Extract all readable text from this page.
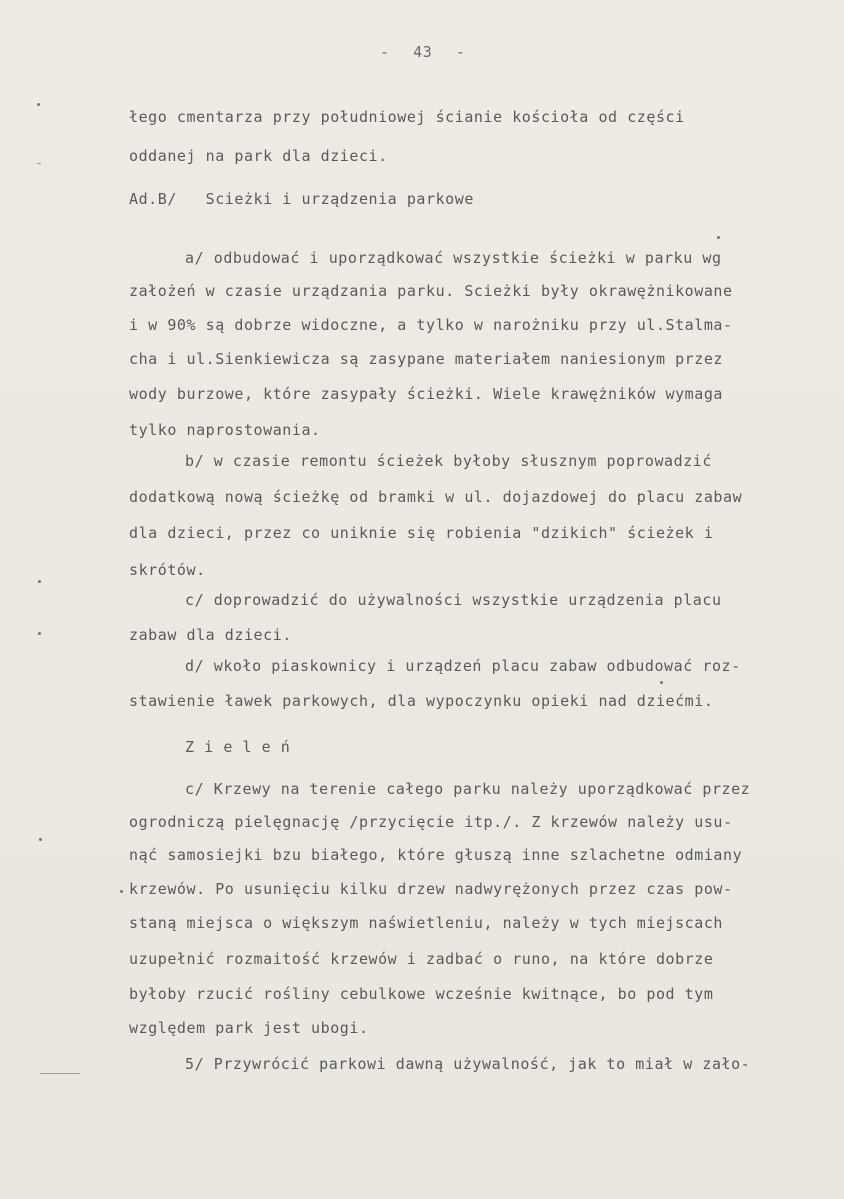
- 43 -
łego cmentarza przy południowej ścianie kościoła od części
oddanej na park dla dzieci.
Ad.B/   Scieżki i urządzenia parkowe
a/ odbudować i uporządkować wszystkie ścieżki w parku wg
założeń w czasie urządzania parku. Scieżki były okrawężnikowane
i w 90% są dobrze widoczne, a tylko w narożniku przy ul.Stalma-
cha i ul.Sienkiewicza są zasypane materiałem naniesionym przez
wody burzowe, które zasypały ścieżki. Wiele krawężników wymaga
tylko naprostowania.
b/ w czasie remontu ścieżek byłoby słusznym poprowadzić
dodatkową nową ścieżkę od bramki w ul. dojazdowej do placu zabaw
dla dzieci, przez co uniknie się robienia "dzikich" ścieżek i
skrótów.
c/ doprowadzić do używalności wszystkie urządzenia placu
zabaw dla dzieci.
d/ wkoło piaskownicy i urządzeń placu zabaw odbudować roz-
stawienie ławek parkowych, dla wypoczynku opieki nad dziećmi.
Z i e l e ń
c/ Krzewy na terenie całego parku należy uporządkować przez
ogrodniczą pielęgnację /przycięcie itp./. Z krzewów należy usu-
nąć samosiejki bzu białego, które głuszą inne szlachetne odmiany
krzewów. Po usunięciu kilku drzew nadwyrężonych przez czas pow-
staną miejsca o większym naświetleniu, należy w tych miejscach
uzupełnić rozmaitość krzewów i zadbać o runo, na które dobrze
byłoby rzucić rośliny cebulkowe wcześnie kwitnące, bo pod tym
względem park jest ubogi.
5/ Przywrócić parkowi dawną używalność, jak to miał w zało-
